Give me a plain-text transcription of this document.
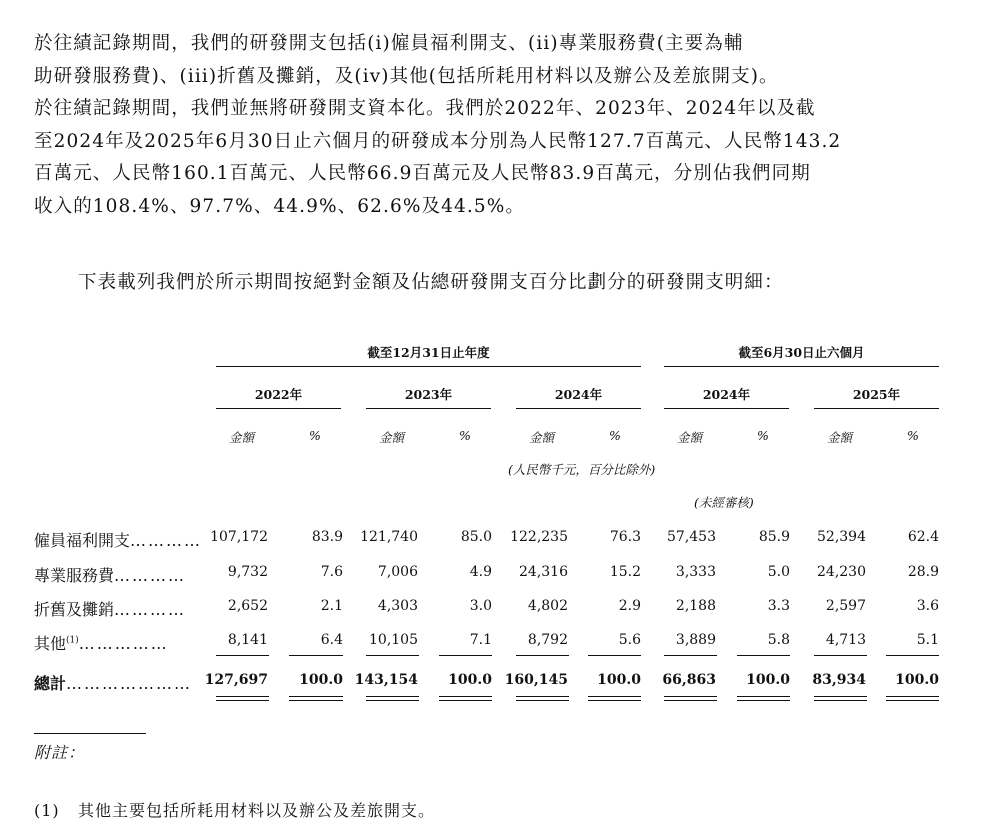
於往績記錄期間，我們的研發開支包括(i)僱員福利開支、(ii)專業服務費(主要為輔
助研發服務費)、(iii)折舊及攤銷，及(iv)其他(包括所耗用材料以及辦公及差旅開支)。
於往績記錄期間，我們並無將研發開支資本化。我們於2022年、2023年、2024年以及截
至2024年及2025年6月30日止六個月的研發成本分別為人民幣127.7百萬元、人民幣143.2
百萬元、人民幣160.1百萬元、人民幣66.9百萬元及人民幣83.9百萬元，分別佔我們同期
收入的108.4%、97.7%、44.9%、62.6%及44.5%。
下表載列我們於所示期間按絕對金額及佔總研發開支百分比劃分的研發開支明細：
截至12月31日止年度	截至6月30日止六個月
2022年	2023年	2024年	2024年	2025年
金額	%	金額	%	金額	%	金額	%	金額	%
(人民幣千元，百分比除外)
(未經審核)
僱員福利開支………… 107,172	83.9 121,740	85.0 122,235	76.3 57,453	85.9 52,394	62.4
專業服務費…………	9,732	7.6 7,006	4.9 24,316	15.2 3,333	5.0 24,230	28.9
折舊及攤銷…………	2,652	2.1 4,303	3.0	4,802	2.9 2,188	3.3	2,597	3.6
其他$^{(1)}$……………	8,141	6.4 10,105	7.1	8,792	5.6 3,889	5.8	4,713	5.1
總計………………… 127,697 100.0 143,154 100.0 160,145 100.0 66,863 100.0 83,934 100.0
附註：
(1) 其他主要包括所耗用材料以及辦公及差旅開支。
